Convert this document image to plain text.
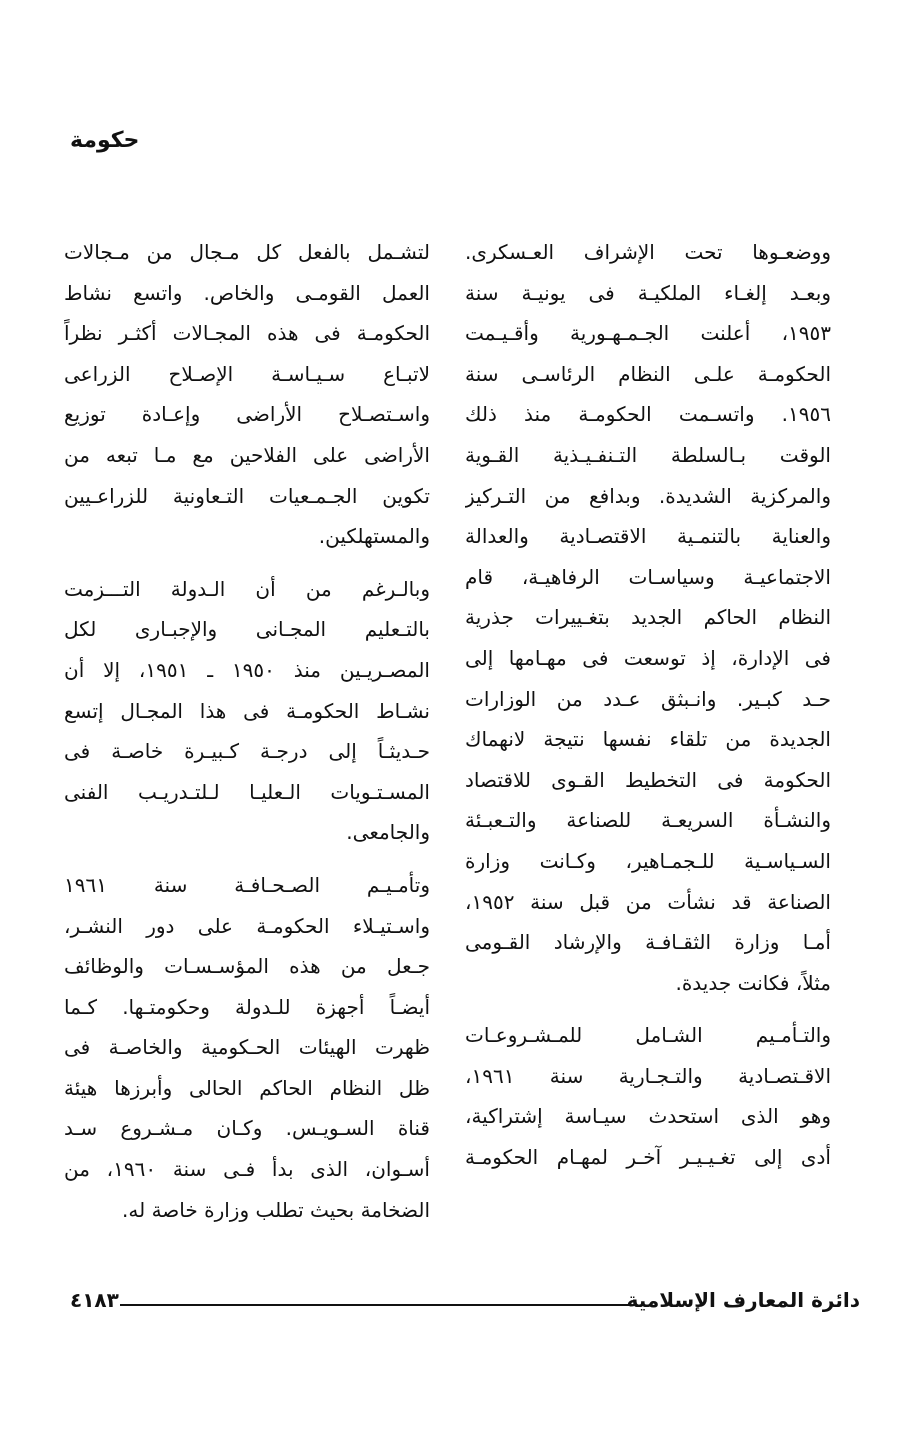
حكومة

ووضعـوها تحت الإشراف العـسكرى.
وبعـد إلغـاء الملكيـة فى يونيـة سنة
١٩٥٣، أعلنت الجـمـهـورية وأقـيـمت
الحكومـة علـى النظام الرئاسـى سنة
١٩٥٦. واتسـمت الحكومـة منذ ذلك
الوقت بـالسلطة التـنفـيـذية القـوية
والمركزية الشديدة. وبدافع من التـركيز
والعناية بالتنمـية الاقتصـادية والعدالة
الاجتماعيـة وسياسـات الرفاهيـة، قام
النظام الحاكم الجديد بتغـييرات جذرية
فى الإدارة، إذ توسعت فى مهـامها إلى
حـد كبـير. وانـبثق عـدد من الوزارات
الجديدة من تلقاء نفسها نتيجة لانهماك
الحكومة فى التخطيط القـوى للاقتصاد
والنشـأة السريعـة للصناعة والتـعبـئة
السـياسـية للـجمـاهير، وكـانت وزارة
الصناعة قد نشأت من قبل سنة ١٩٥٢،
أمـا وزارة الثقـافـة والإرشاد القـومى
مثلاً، فكانت جديدة.

والتـأمـيم الشـامل للمـشـروعـات
الاقـتصـادية والتـجـارية سنة ١٩٦١،
وهو الذى استحدث سيـاسة إشتراكية،
أدى إلى تغـيـيـر آخـر لمهـام الحكومـة

لتشـمل بالفعل كل مـجال من مـجالات
العمل القومـى والخاص. واتسع نشاط
الحكومـة فى هذه المجـالات أكثـر نظراً
لاتبـاع سـيـاسـة الإصـلاح الزراعى
واسـتصـلاح الأراضى وإعـادة توزيع
الأراضى على الفلاحين مع مـا تبعه من
تكوين الجـمـعيات التـعاونية للزراعـيين
والمستهلكين.

وبالـرغم من أن الـدولة التـــزمت
بالتـعليم المجـانى والإجبـارى لكل
المصـريـين منذ ١٩٥٠ ـ ١٩٥١، إلا أن
نشـاط الحكومـة فى هذا المجـال إتسع
حـديثـاً إلى درجـة كـبيـرة خاصـة فى
المسـتـويات الـعليـا لـلتـدريـب الفنى
والجامعى.

وتأمـيـم الصـحـافـة سنة ١٩٦١
واسـتيـلاء الحكومـة على دور النشـر،
جـعل من هذه المؤسـسـات والوظائف
أيضـاً أجهزة للـدولة وحكومتـها. كـما
ظهرت الهيئات الحـكومية والخاصـة فى
ظل النظام الحاكم الحالى وأبرزها هيئة
قناة السـويـس. وكـان مـشـروع سـد
أسـوان، الذى بدأ فـى سنة ١٩٦٠، من
الضخامة بحيث تطلب وزارة خاصة له.

دائرة المعارف الإسلامية
٤١٨٣
